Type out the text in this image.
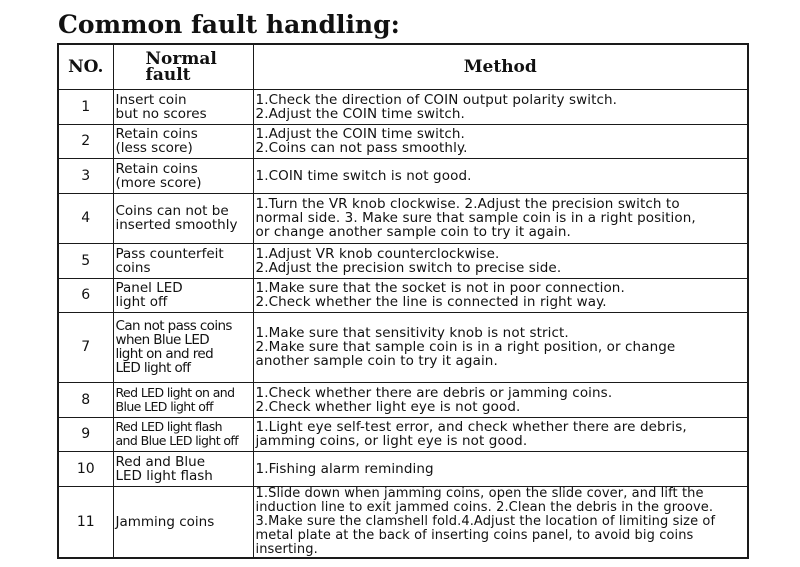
Common fault handling:
NO.	Normal
fault	Method
1	Insert coin
but no scores	1.Check the direction of COIN output polarity switch.
2.Adjust the COIN time switch.
2	Retain coins
(less score)	1.Adjust the COIN time switch.
2.Coins can not pass smoothly.
3	Retain coins
(more score)	1.COIN time switch is not good.
4	Coins can not be
inserted smoothly	1.Turn the VR knob clockwise. 2.Adjust the precision switch to
normal side. 3. Make sure that sample coin is in a right position,
or change another sample coin to try it again.
5	Pass counterfeit
coins	1.Adjust VR knob counterclockwise.
2.Adjust the precision switch to precise side.
6	Panel LED
light off	1.Make sure that the socket is not in poor connection.
2.Check whether the line is connected in right way.
7	Can not pass coins
when Blue LED
light on and red
LED light off	1.Make sure that sensitivity knob is not strict.
2.Make sure that sample coin is in a right position, or change
another sample coin to try it again.
8	Red LED light on and
Blue LED light off	1.Check whether there are debris or jamming coins.
2.Check whether light eye is not good.
9	Red LED light flash
and Blue LED light off	1.Light eye self-test error, and check whether there are debris,
jamming coins, or light eye is not good.
10	Red and Blue
LED light flash	1.Fishing alarm reminding
11	Jamming coins	1.Slide down when jamming coins, open the slide cover, and lift the
induction line to exit jammed coins. 2.Clean the debris in the groove.
3.Make sure the clamshell fold.4.Adjust the location of limiting size of
metal plate at the back of inserting coins panel, to avoid big coins inserting.
